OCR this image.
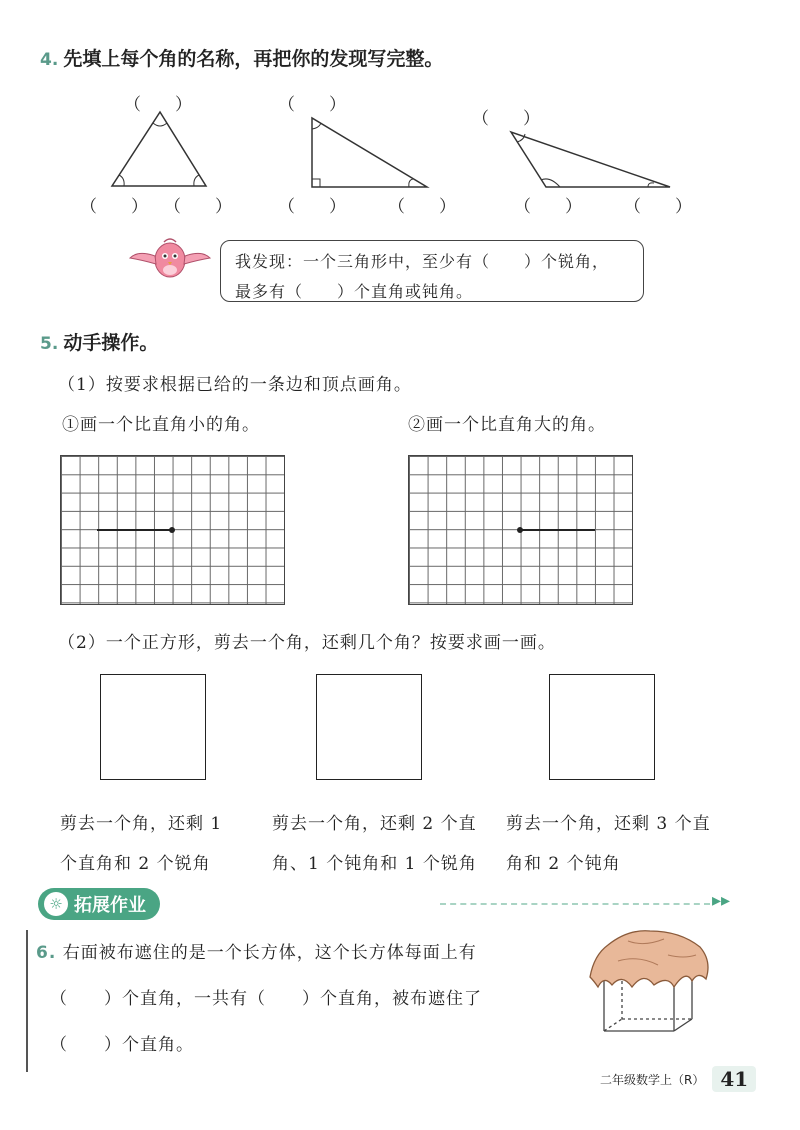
4. 先填上每个角的名称，再把你的发现写完整。
（　　）
（　　） （　　）
（　　）
（　　） （　　）
（　　）
（　　） （　　）
我发现：一个三角形中，至少有（　　）个锐角，
最多有（　　）个直角或钝角。
5. 动手操作。
（1）按要求根据已给的一条边和顶点画角。
①画一个比直角小的角。	②画一个比直角大的角。
（2）一个正方形，剪去一个角，还剩几个角？按要求画一画。
剪去一个角，还剩 1
个直角和 2 个锐角
剪去一个角，还剩 2 个直
角、1 个钝角和 1 个锐角
剪去一个角，还剩 3 个直
角和 2 个钝角
☼ 拓展作业	▸▸
6. 右面被布遮住的是一个长方体，这个长方体每面上有
（　　）个直角，一共有（　　）个直角，被布遮住了
（　　）个直角。
二年级数学上（R） 41
